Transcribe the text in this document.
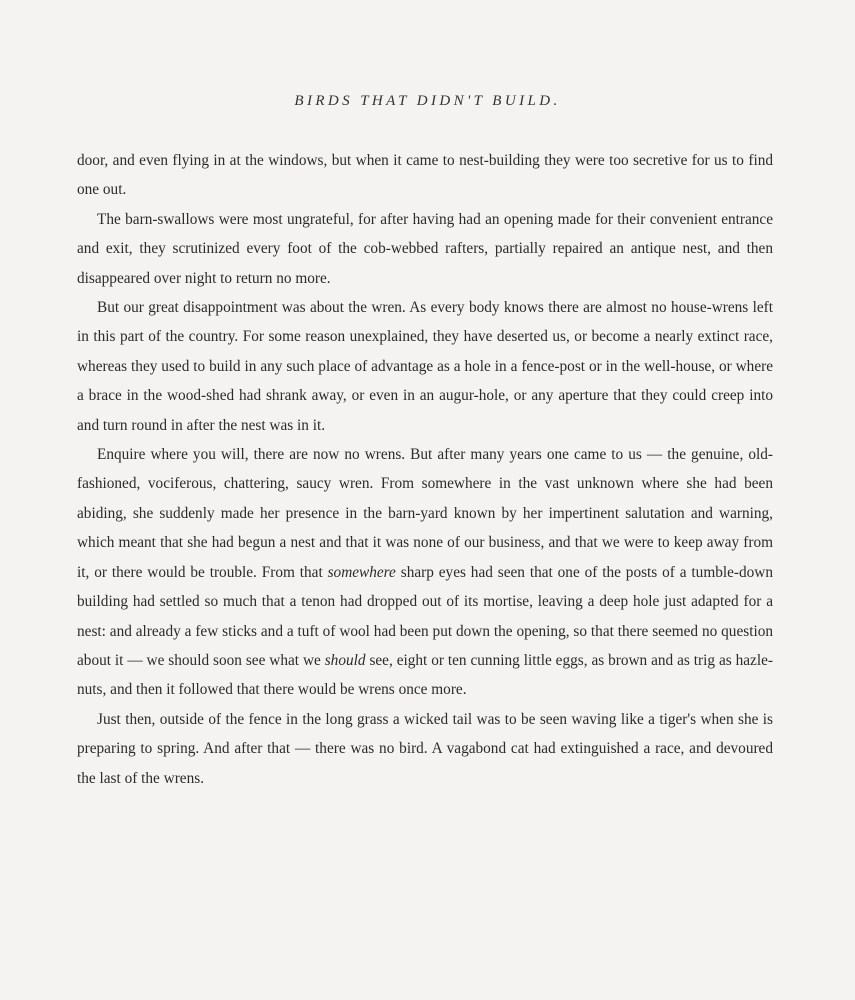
BIRDS THAT DIDN'T BUILD.

door, and even flying in at the windows, but when it came to nest-building they were too secretive for us to find one out.

The barn-swallows were most ungrateful, for after having had an opening made for their convenient entrance and exit, they scrutinized every foot of the cob-webbed rafters, partially repaired an antique nest, and then disappeared over night to return no more.

But our great disappointment was about the wren. As every body knows there are almost no house-wrens left in this part of the country. For some reason unexplained, they have deserted us, or become a nearly extinct race, whereas they used to build in any such place of advantage as a hole in a fence-post or in the well-house, or where a brace in the wood-shed had shrank away, or even in an augur-hole, or any aperture that they could creep into and turn round in after the nest was in it.

Enquire where you will, there are now no wrens. But after many years one came to us — the genuine, old-fashioned, vociferous, chattering, saucy wren. From somewhere in the vast unknown where she had been abiding, she suddenly made her presence in the barn-yard known by her impertinent salutation and warning, which meant that she had begun a nest and that it was none of our business, and that we were to keep away from it, or there would be trouble. From that somewhere sharp eyes had seen that one of the posts of a tumble-down building had settled so much that a tenon had dropped out of its mortise, leaving a deep hole just adapted for a nest: and already a few sticks and a tuft of wool had been put down the opening, so that there seemed no question about it — we should soon see what we should see, eight or ten cunning little eggs, as brown and as trig as hazle-nuts, and then it followed that there would be wrens once more.

Just then, outside of the fence in the long grass a wicked tail was to be seen waving like a tiger's when she is preparing to spring. And after that — there was no bird. A vagabond cat had extinguished a race, and devoured the last of the wrens.
